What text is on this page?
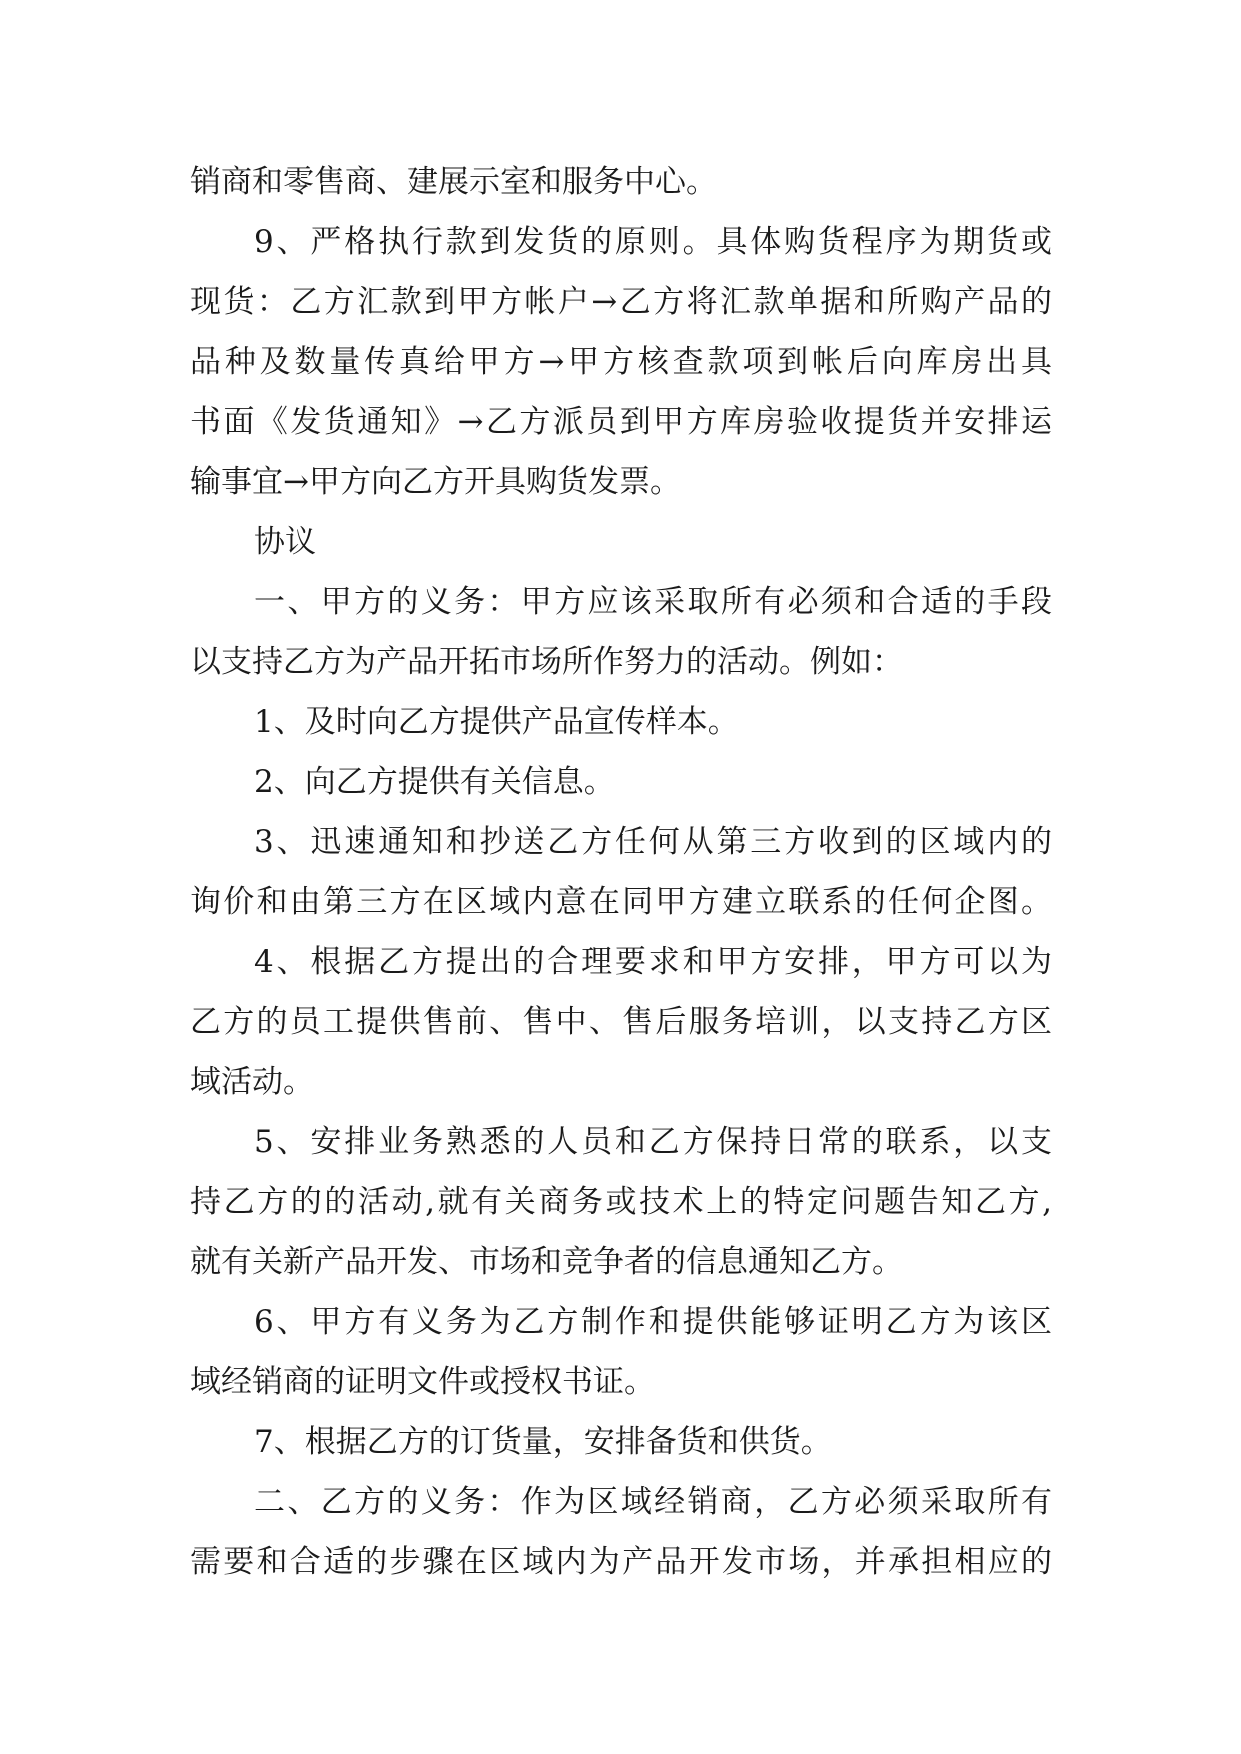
销商和零售商、建展示室和服务中心。
9、严格执行款到发货的原则。具体购货程序为期货或
现货：乙方汇款到甲方帐户→乙方将汇款单据和所购产品的
品种及数量传真给甲方→甲方核查款项到帐后向库房出具
书面《发货通知》→乙方派员到甲方库房验收提货并安排运
输事宜→甲方向乙方开具购货发票。
协议
一、甲方的义务：甲方应该采取所有必须和合适的手段
以支持乙方为产品开拓市场所作努力的活动。例如：
1、及时向乙方提供产品宣传样本。
2、向乙方提供有关信息。
3、迅速通知和抄送乙方任何从第三方收到的区域内的
询价和由第三方在区域内意在同甲方建立联系的任何企图。
4、根据乙方提出的合理要求和甲方安排，甲方可以为
乙方的员工提供售前、售中、售后服务培训，以支持乙方区
域活动。
5、安排业务熟悉的人员和乙方保持日常的联系，以支
持乙方的的活动,就有关商务或技术上的特定问题告知乙方,
就有关新产品开发、市场和竞争者的信息通知乙方。
6、甲方有义务为乙方制作和提供能够证明乙方为该区
域经销商的证明文件或授权书证。
7、根据乙方的订货量，安排备货和供货。
二、乙方的义务：作为区域经销商，乙方必须采取所有
需要和合适的步骤在区域内为产品开发市场，并承担相应的
